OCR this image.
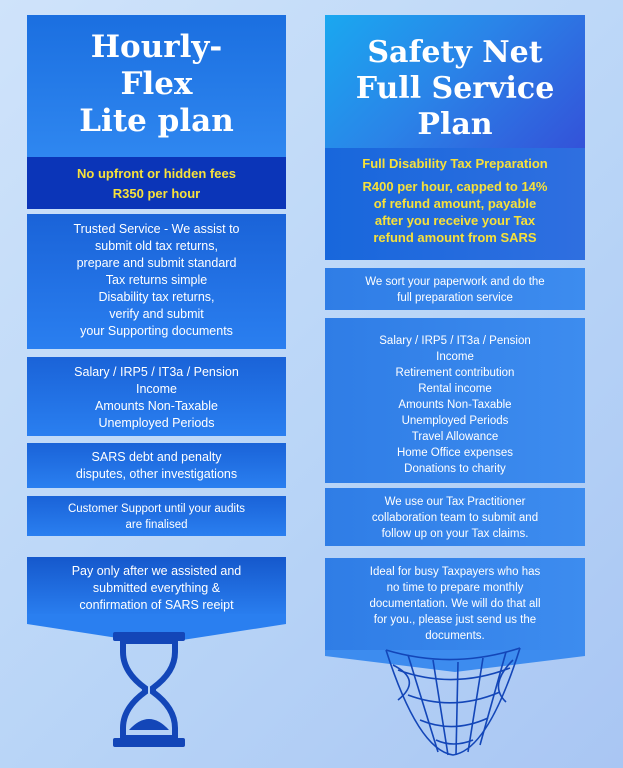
Hourly-
Flex
Lite plan
No upfront or hidden fees
R350 per hour
Trusted Service - We assist to
submit old tax returns,
prepare and submit standard
Tax returns simple
Disability tax returns,
verify and submit
your Supporting documents
Salary / IRP5 / IT3a / Pension
Income
Amounts Non-Taxable
Unemployed Periods
SARS debt and penalty
disputes, other investigations
Customer Support until your audits
are finalised
Pay only after we assisted and
submitted everything &
confirmation of SARS reeipt
Safety Net
Full Service
Plan
Full Disability Tax Preparation
R400 per hour, capped to 14%
of refund amount, payable
after you receive your Tax
refund amount from SARS
We sort your paperwork and do the
full preparation service
Salary / IRP5 / IT3a / Pension
Income
Retirement contribution
Rental income
Amounts Non-Taxable
Unemployed Periods
Travel Allowance
Home Office expenses
Donations to charity
We use our Tax Practitioner
collaboration team to submit and
follow up on your Tax claims.
Ideal for busy Taxpayers who has
no time to prepare monthly
documentation. We will do that all
for you., please just send us the
documents.
